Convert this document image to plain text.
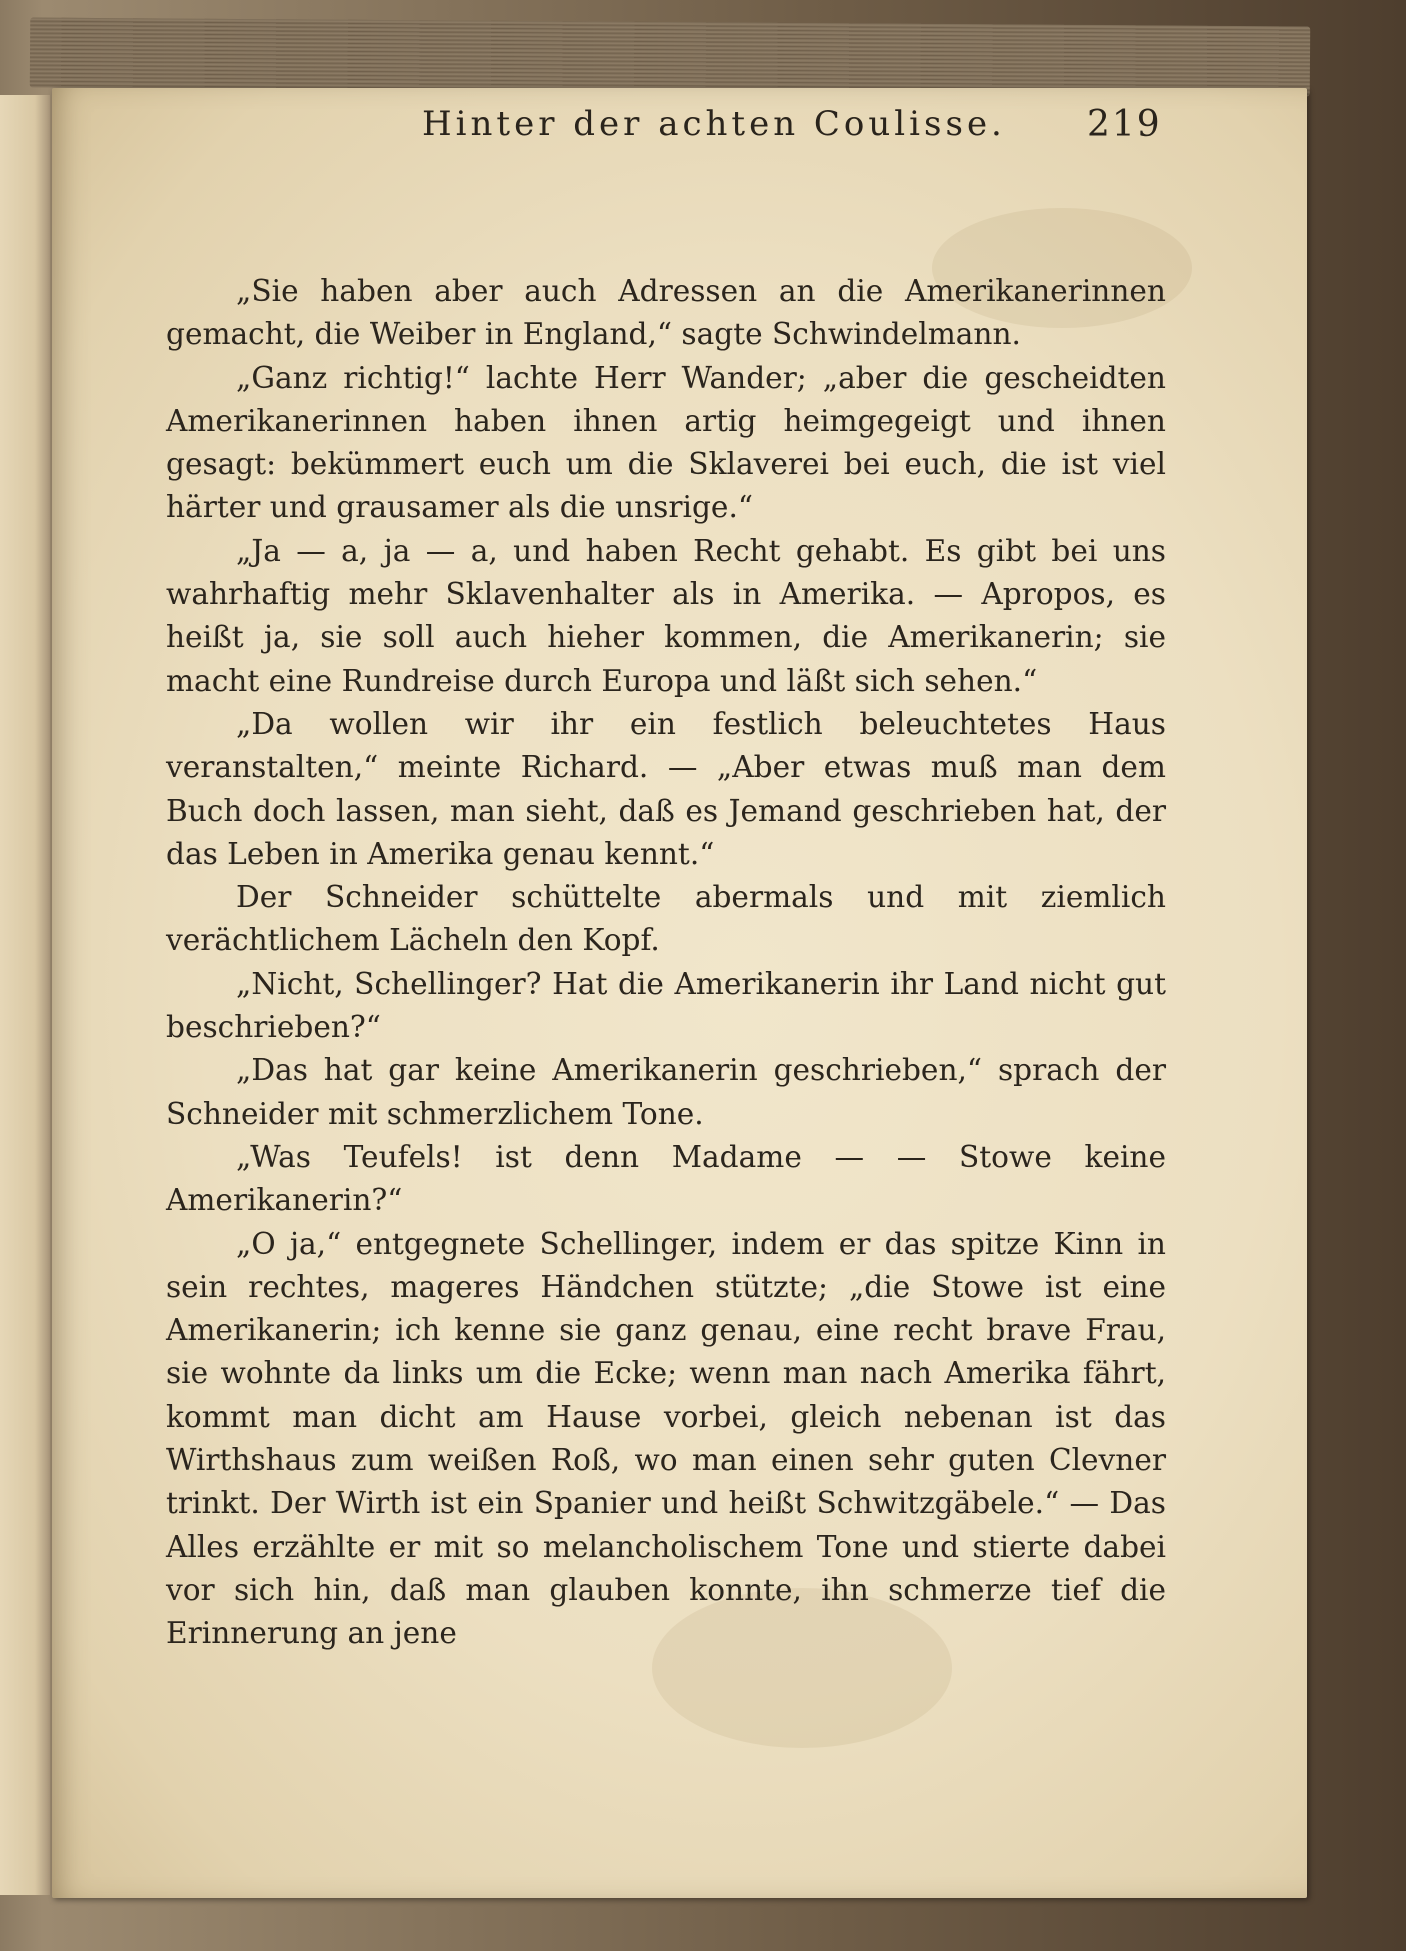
Hinter der achten Coulisse. 219

„Sie haben aber auch Adressen an die Amerikanerinnen gemacht, die Weiber in England,“ sagte Schwindelmann.

„Ganz richtig!“ lachte Herr Wander; „aber die gescheidten Amerikanerinnen haben ihnen artig heimgegeigt und ihnen gesagt: bekümmert euch um die Sklaverei bei euch, die ist viel härter und grausamer als die unsrige.“

„Ja — a, ja — a, und haben Recht gehabt. Es gibt bei uns wahrhaftig mehr Sklavenhalter als in Amerika. — Apropos, es heißt ja, sie soll auch hieher kommen, die Amerikanerin; sie macht eine Rundreise durch Europa und läßt sich sehen.“

„Da wollen wir ihr ein festlich beleuchtetes Haus veranstalten,“ meinte Richard. — „Aber etwas muß man dem Buch doch lassen, man sieht, daß es Jemand geschrieben hat, der das Leben in Amerika genau kennt.“

Der Schneider schüttelte abermals und mit ziemlich verächtlichem Lächeln den Kopf.

„Nicht, Schellinger? Hat die Amerikanerin ihr Land nicht gut beschrieben?“

„Das hat gar keine Amerikanerin geschrieben,“ sprach der Schneider mit schmerzlichem Tone.

„Was Teufels! ist denn Madame — — Stowe keine Amerikanerin?“

„O ja,“ entgegnete Schellinger, indem er das spitze Kinn in sein rechtes, mageres Händchen stützte; „die Stowe ist eine Amerikanerin; ich kenne sie ganz genau, eine recht brave Frau, sie wohnte da links um die Ecke; wenn man nach Amerika fährt, kommt man dicht am Hause vorbei, gleich nebenan ist das Wirthshaus zum weißen Roß, wo man einen sehr guten Clevner trinkt. Der Wirth ist ein Spanier und heißt Schwitzgäbele.“ — Das Alles erzählte er mit so melancholischem Tone und stierte dabei vor sich hin, daß man glauben konnte, ihn schmerze tief die Erinnerung an jene
